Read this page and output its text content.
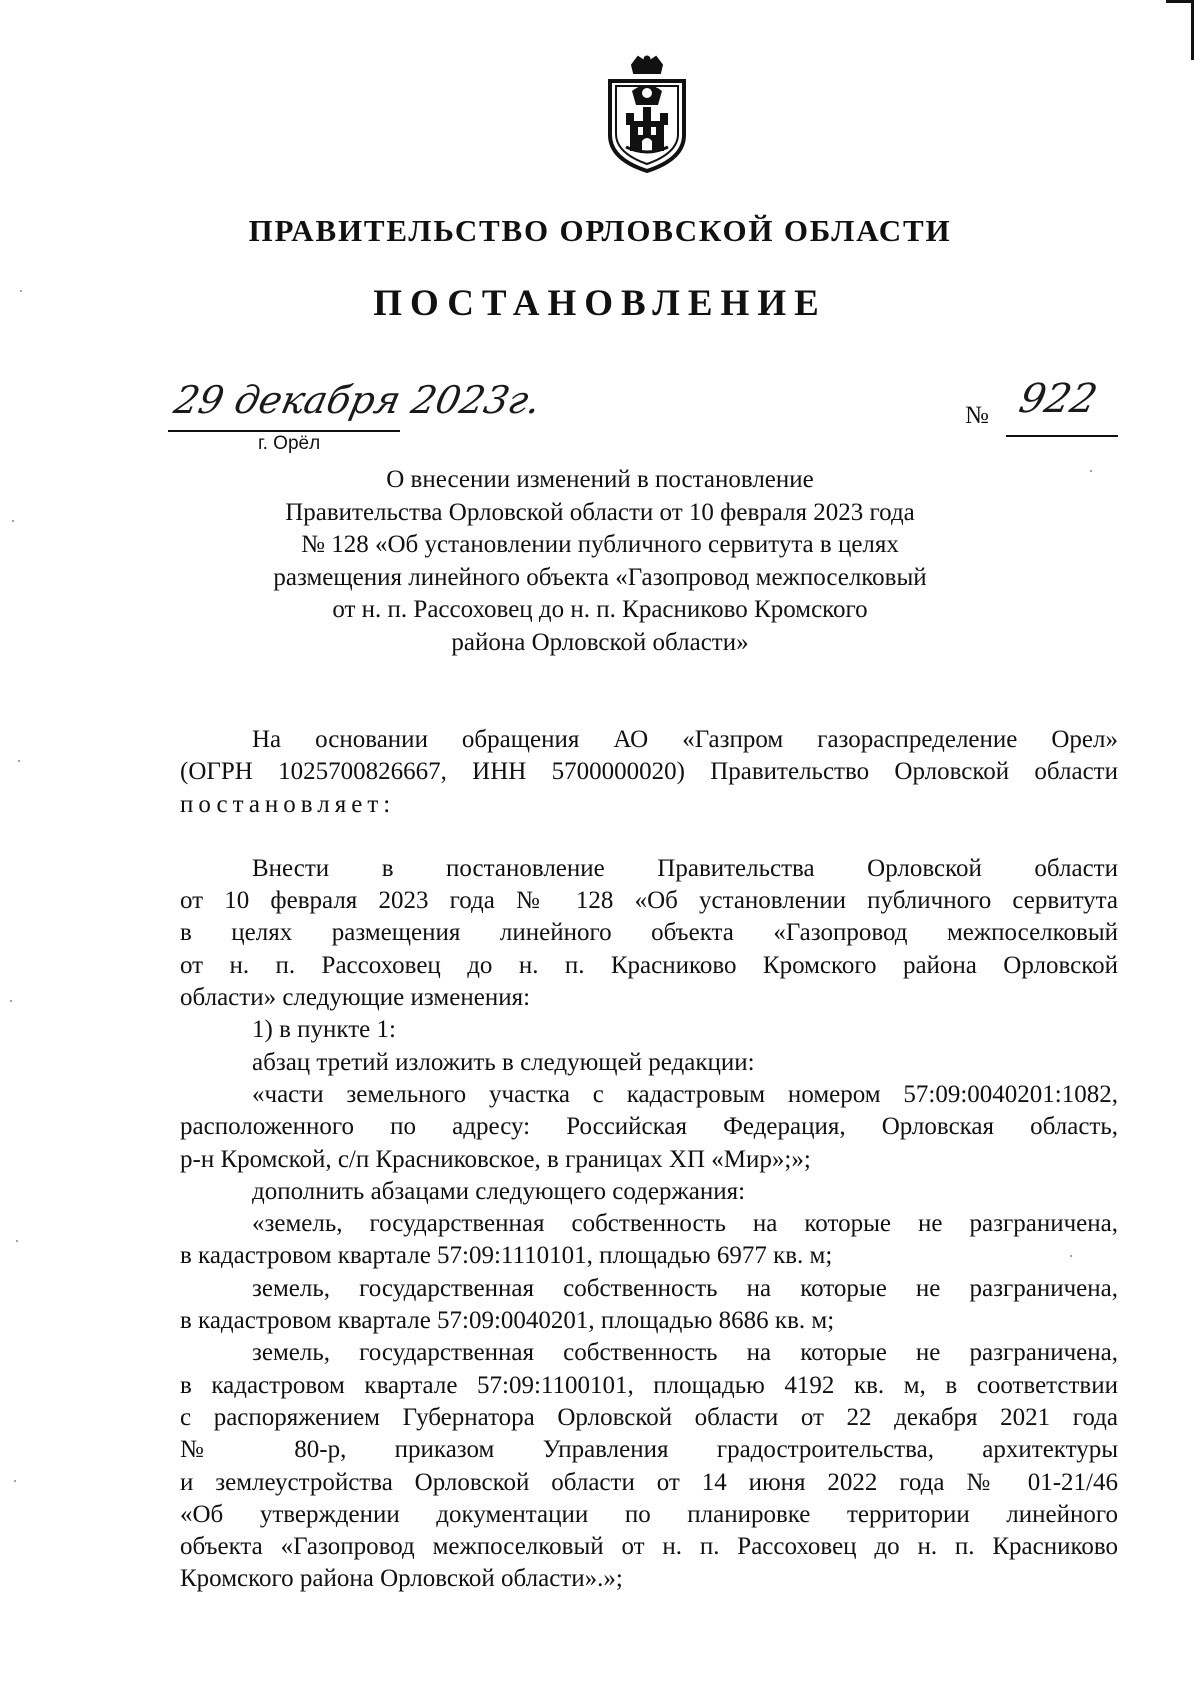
ПРАВИТЕЛЬСТВО ОРЛОВСКОЙ ОБЛАСТИ
ПОСТАНОВЛЕНИЕ
29 декабря 2023г.
г. Орёл
№ 922
О внесении изменений в постановление
Правительства Орловской области от 10 февраля 2023 года
№ 128 «Об установлении публичного сервитута в целях
размещения линейного объекта «Газопровод межпоселковый
от н. п. Рассоховец до н. п. Красниково Кромского
района Орловской области»
На основании обращения АО «Газпром газораспределение Орел»
(ОГРН 1025700826667, ИНН 5700000020) Правительство Орловской области
постановляет:
Внести в постановление Правительства Орловской области
от 10 февраля 2023 года № 128 «Об установлении публичного сервитута
в целях размещения линейного объекта «Газопровод межпоселковый
от н. п. Рассоховец до н. п. Красниково Кромского района Орловской
области» следующие изменения:
1) в пункте 1:
абзац третий изложить в следующей редакции:
«части земельного участка с кадастровым номером 57:09:0040201:1082,
расположенного по адресу: Российская Федерация, Орловская область,
р-н Кромской, с/п Красниковское, в границах ХП «Мир»;»;
дополнить абзацами следующего содержания:
«земель, государственная собственность на которые не разграничена,
в кадастровом квартале 57:09:1110101, площадью 6977 кв. м;
земель, государственная собственность на которые не разграничена,
в кадастровом квартале 57:09:0040201, площадью 8686 кв. м;
земель, государственная собственность на которые не разграничена,
в кадастровом квартале 57:09:1100101, площадью 4192 кв. м, в соответствии
с распоряжением Губернатора Орловской области от 22 декабря 2021 года
№ 80-р, приказом Управления градостроительства, архитектуры
и землеустройства Орловской области от 14 июня 2022 года № 01-21/46
«Об утверждении документации по планировке территории линейного
объекта «Газопровод межпоселковый от н. п. Рассоховец до н. п. Красниково
Кромского района Орловской области».»;
